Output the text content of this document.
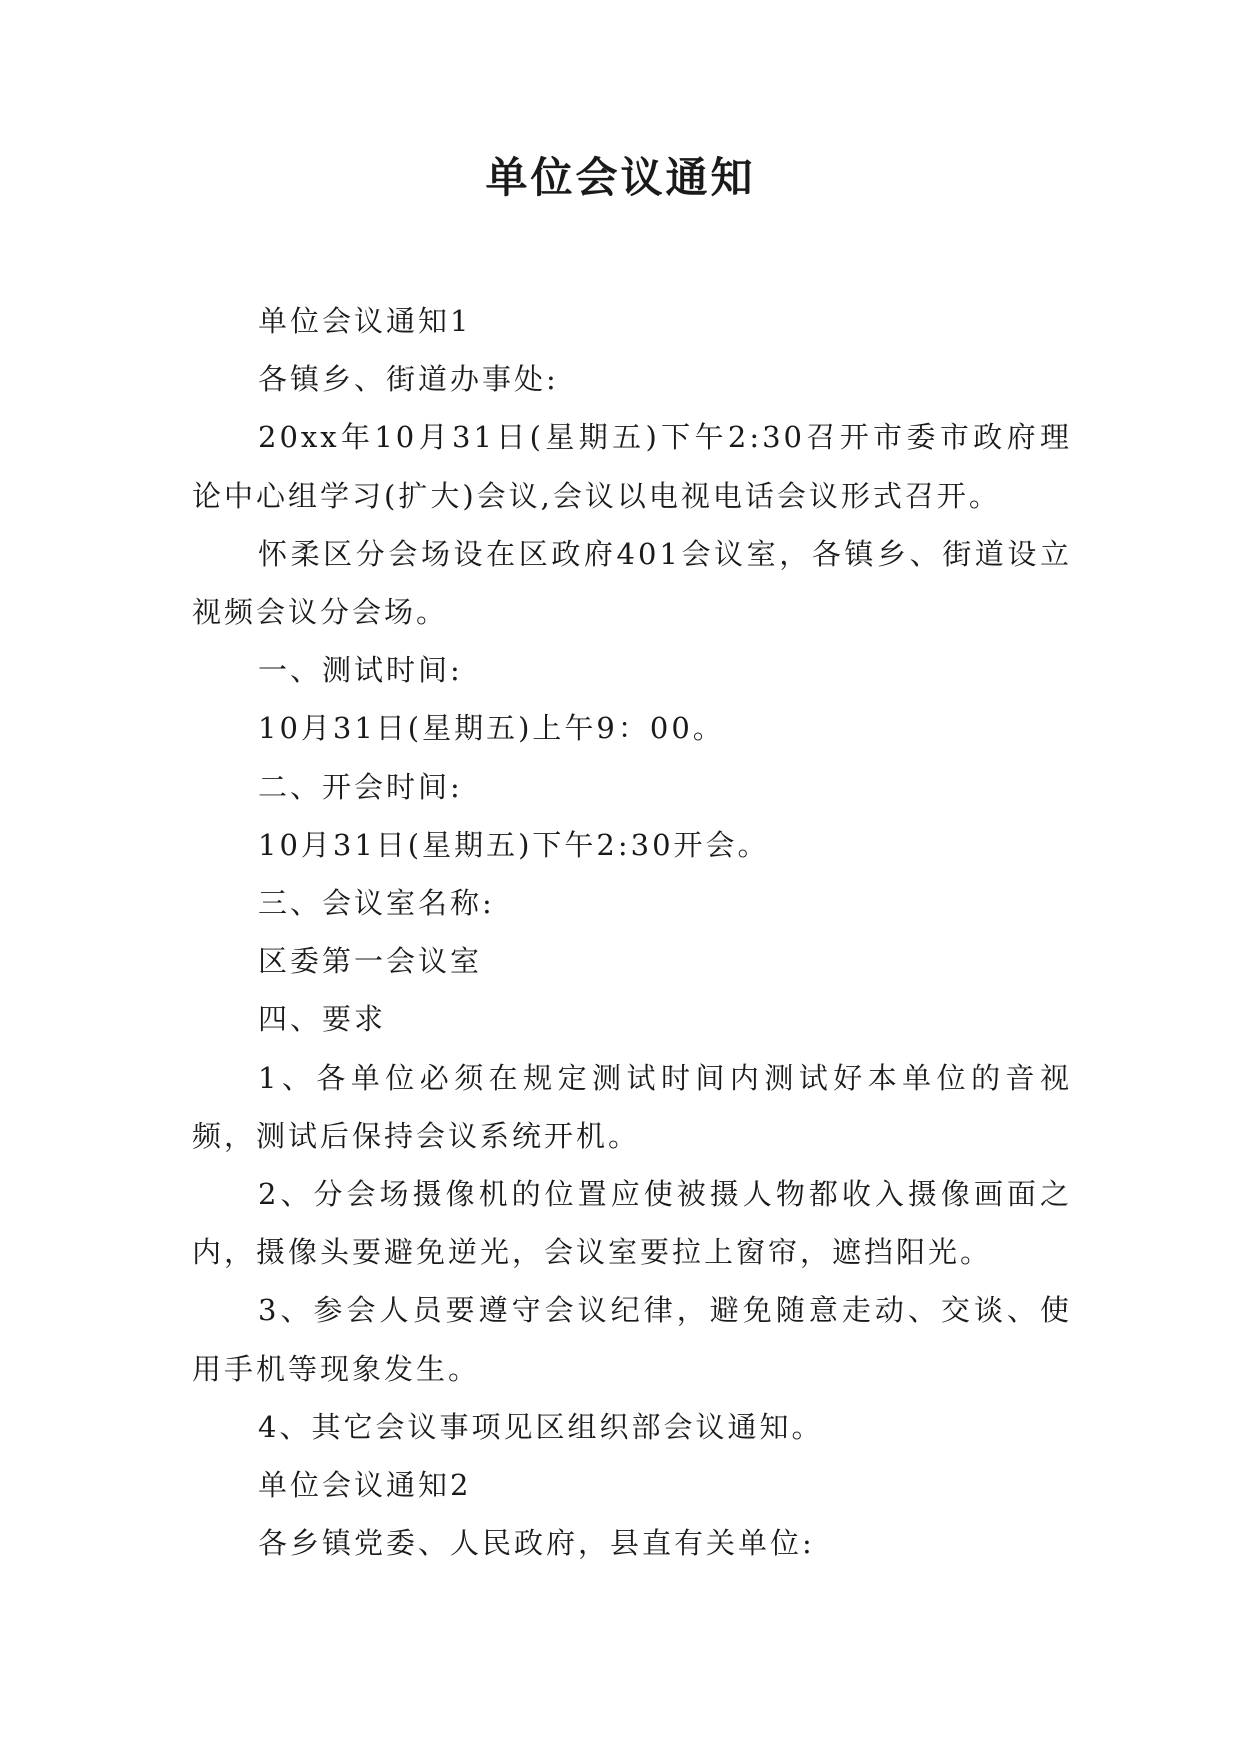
单位会议通知

单位会议通知1

各镇乡、街道办事处:

20xx年10月31日(星期五)下午2:30召开市委市政府理论中心组学习(扩大)会议,会议以电视电话会议形式召开。

怀柔区分会场设在区政府401会议室，各镇乡、街道设立视频会议分会场。

一、测试时间:

10月31日(星期五)上午9：00。

二、开会时间:

10月31日(星期五)下午2:30开会。

三、会议室名称:

区委第一会议室

四、要求

1、各单位必须在规定测试时间内测试好本单位的音视频，测试后保持会议系统开机。

2、分会场摄像机的位置应使被摄人物都收入摄像画面之内，摄像头要避免逆光，会议室要拉上窗帘，遮挡阳光。

3、参会人员要遵守会议纪律，避免随意走动、交谈、使用手机等现象发生。

4、其它会议事项见区组织部会议通知。

单位会议通知2

各乡镇党委、人民政府，县直有关单位:
